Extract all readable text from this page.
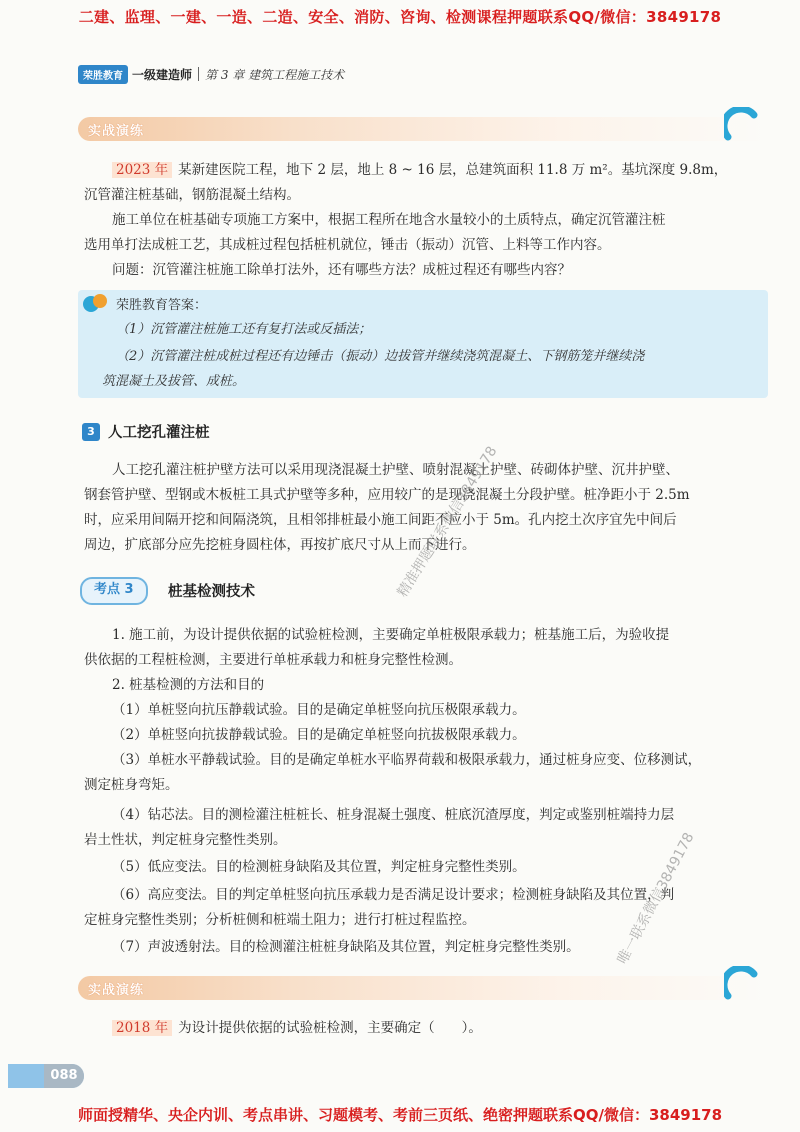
二建、监理、一建、一造、二造、安全、消防、咨询、检测课程押题联系QQ/微信：3849178
荣胜教育 一级建造师 第 3 章 建筑工程施工技术
实战演练
2023 年 某新建医院工程，地下 2 层，地上 8 ~ 16 层，总建筑面积 11.8 万 m²。基坑深度 9.8m，
沉管灌注桩基础，钢筋混凝土结构。
施工单位在桩基础专项施工方案中，根据工程所在地含水量较小的土质特点，确定沉管灌注桩
选用单打法成桩工艺，其成桩过程包括桩机就位，锤击（振动）沉管、上料等工作内容。
问题：沉管灌注桩施工除单打法外，还有哪些方法？成桩过程还有哪些内容？
荣胜教育答案：
（1）沉管灌注桩施工还有复打法或反插法；
（2）沉管灌注桩成桩过程还有边锤击（振动）边拔管并继续浇筑混凝土、下钢筋笼并继续浇
筑混凝土及拔管、成桩。
3 人工挖孔灌注桩
人工挖孔灌注桩护壁方法可以采用现浇混凝土护壁、喷射混凝土护壁、砖砌体护壁、沉井护壁、
钢套管护壁、型钢或木板桩工具式护壁等多种，应用较广的是现浇混凝土分段护壁。桩净距小于 2.5m
时，应采用间隔开挖和间隔浇筑，且相邻排桩最小施工间距不应小于 5m。孔内挖土次序宜先中间后
周边，扩底部分应先挖桩身圆柱体，再按扩底尺寸从上而下进行。
考点 3	桩基检测技术
1. 施工前，为设计提供依据的试验桩检测，主要确定单桩极限承载力；桩基施工后，为验收提
供依据的工程桩检测，主要进行单桩承载力和桩身完整性检测。
2. 桩基检测的方法和目的
（1）单桩竖向抗压静载试验。目的是确定单桩竖向抗压极限承载力。
（2）单桩竖向抗拔静载试验。目的是确定单桩竖向抗拔极限承载力。
（3）单桩水平静载试验。目的是确定单桩水平临界荷载和极限承载力，通过桩身应变、位移测试，
测定桩身弯矩。
（4）钻芯法。目的测检灌注桩桩长、桩身混凝土强度、桩底沉渣厚度，判定或鉴别桩端持力层
岩土性状，判定桩身完整性类别。
（5）低应变法。目的检测桩身缺陷及其位置，判定桩身完整性类别。
（6）高应变法。目的判定单桩竖向抗压承载力是否满足设计要求；检测桩身缺陷及其位置，判
定桩身完整性类别；分析桩侧和桩端土阻力；进行打桩过程监控。
（7）声波透射法。目的检测灌注桩桩身缺陷及其位置，判定桩身完整性类别。
实战演练
2018 年 为设计提供依据的试验桩检测，主要确定（　　）。
088
精准押题联系微信3849178
唯一联系微信3849178
师面授精华、央企内训、考点串讲、习题模考、考前三页纸、绝密押题联系QQ/微信：3849178
